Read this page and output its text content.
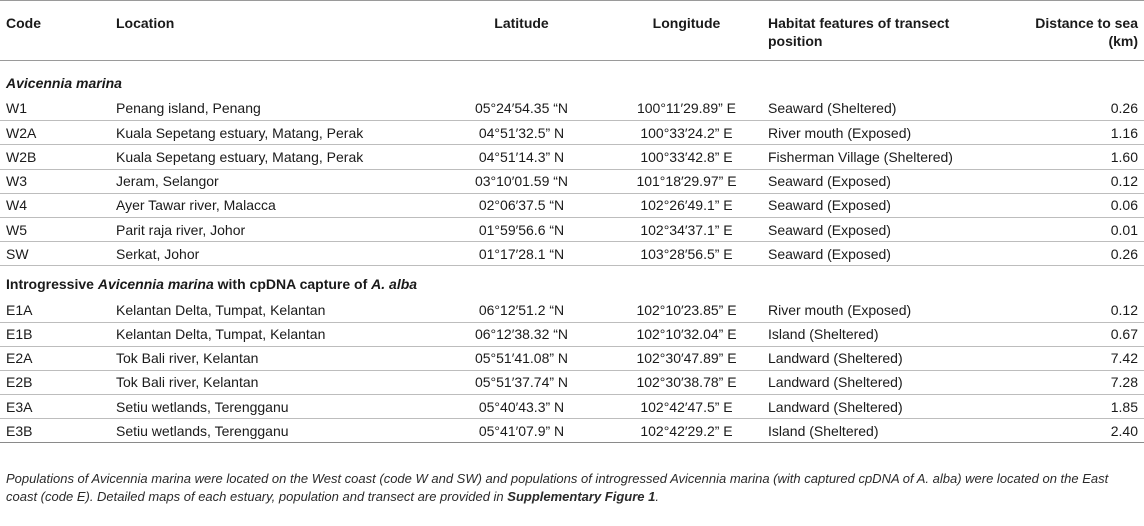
Code	Location	Latitude	Longitude	Habitat features of transect position	Distance to sea (km)
Avicennia marina					
W1	Penang island, Penang	05°24′54.35 “N	100°11′29.89” E	Seaward (Sheltered)	0.26
W2A	Kuala Sepetang estuary, Matang, Perak	04°51′32.5” N	100°33′24.2” E	River mouth (Exposed)	1.16
W2B	Kuala Sepetang estuary, Matang, Perak	04°51′14.3” N	100°33′42.8” E	Fisherman Village (Sheltered)	1.60
W3	Jeram, Selangor	03°10′01.59 “N	101°18′29.97” E	Seaward (Exposed)	0.12
W4	Ayer Tawar river, Malacca	02°06′37.5 “N	102°26′49.1” E	Seaward (Exposed)	0.06
W5	Parit raja river, Johor	01°59′56.6 “N	102°34′37.1” E	Seaward (Exposed)	0.01
SW	Serkat, Johor	01°17′28.1 “N	103°28′56.5” E	Seaward (Exposed)	0.26
Introgressive Avicennia marina with cpDNA capture of A. alba					
E1A	Kelantan Delta, Tumpat, Kelantan	06°12′51.2 “N	102°10′23.85” E	River mouth (Exposed)	0.12
E1B	Kelantan Delta, Tumpat, Kelantan	06°12′38.32 “N	102°10′32.04” E	Island (Sheltered)	0.67
E2A	Tok Bali river, Kelantan	05°51′41.08” N	102°30′47.89” E	Landward (Sheltered)	7.42
E2B	Tok Bali river, Kelantan	05°51′37.74” N	102°30′38.78” E	Landward (Sheltered)	7.28
E3A	Setiu wetlands, Terengganu	05°40′43.3” N	102°42′47.5” E	Landward (Sheltered)	1.85
E3B	Setiu wetlands, Terengganu	05°41′07.9” N	102°42′29.2” E	Island (Sheltered)	2.40
Populations of Avicennia marina were located on the West coast (code W and SW) and populations of introgressed Avicennia marina (with captured cpDNA of A. alba) were located on the East coast (code E). Detailed maps of each estuary, population and transect are provided in Supplementary Figure 1.
